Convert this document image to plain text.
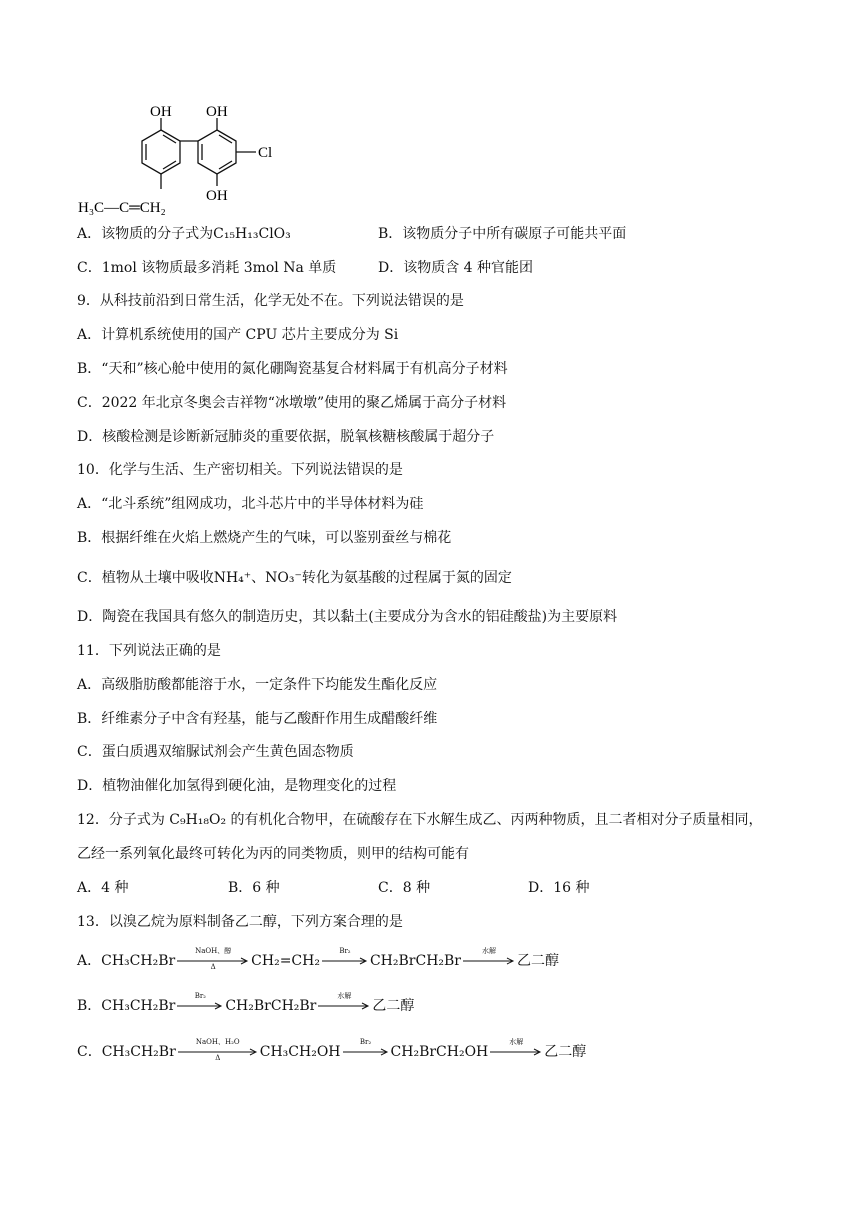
OH OH
Cl
OH
H₃C—C═CH₂
A．该物质的分子式为C₁₅H₁₃ClO₃	B．该物质分子中所有碳原子可能共平面
C．1mol 该物质最多消耗 3mol Na 单质	D．该物质含 4 种官能团
9．从科技前沿到日常生活，化学无处不在。下列说法错误的是
A．计算机系统使用的国产 CPU 芯片主要成分为 Si
B．“天和”核心舱中使用的氮化硼陶瓷基复合材料属于有机高分子材料
C．2022 年北京冬奥会吉祥物“冰墩墩”使用的聚乙烯属于高分子材料
D．核酸检测是诊断新冠肺炎的重要依据，脱氧核糖核酸属于超分子
10．化学与生活、生产密切相关。下列说法错误的是
A．“北斗系统”组网成功，北斗芯片中的半导体材料为硅
B．根据纤维在火焰上燃烧产生的气味，可以鉴别蚕丝与棉花
C．植物从土壤中吸收NH₄⁺、NO₃⁻转化为氨基酸的过程属于氮的固定
D．陶瓷在我国具有悠久的制造历史，其以黏土(主要成分为含水的铝硅酸盐)为主要原料
11．下列说法正确的是
A．高级脂肪酸都能溶于水，一定条件下均能发生酯化反应
B．纤维素分子中含有羟基，能与乙酸酐作用生成醋酸纤维
C．蛋白质遇双缩脲试剂会产生黄色固态物质
D．植物油催化加氢得到硬化油，是物理变化的过程
12．分子式为 C₉H₁₈O₂ 的有机化合物甲，在硫酸存在下水解生成乙、丙两种物质，且二者相对分子质量相同，
乙经一系列氧化最终可转化为丙的同类物质，则甲的结构可能有
A．4 种	B．6 种	C．8 种	D．16 种
13．以溴乙烷为原料制备乙二醇，下列方案合理的是
A．CH₃CH₂Br
NaOH、醇
Δ	CH₂=CH₂
Br₂
CH₂BrCH₂Br
水解
乙二醇
B．CH₃CH₂Br
Br₂
CH₂BrCH₂Br
水解
乙二醇
C．CH₃CH₂Br
NaOH、H₂O
Δ	CH₃CH₂OH
Br₂
CH₂BrCH₂OH
水解
乙二醇
